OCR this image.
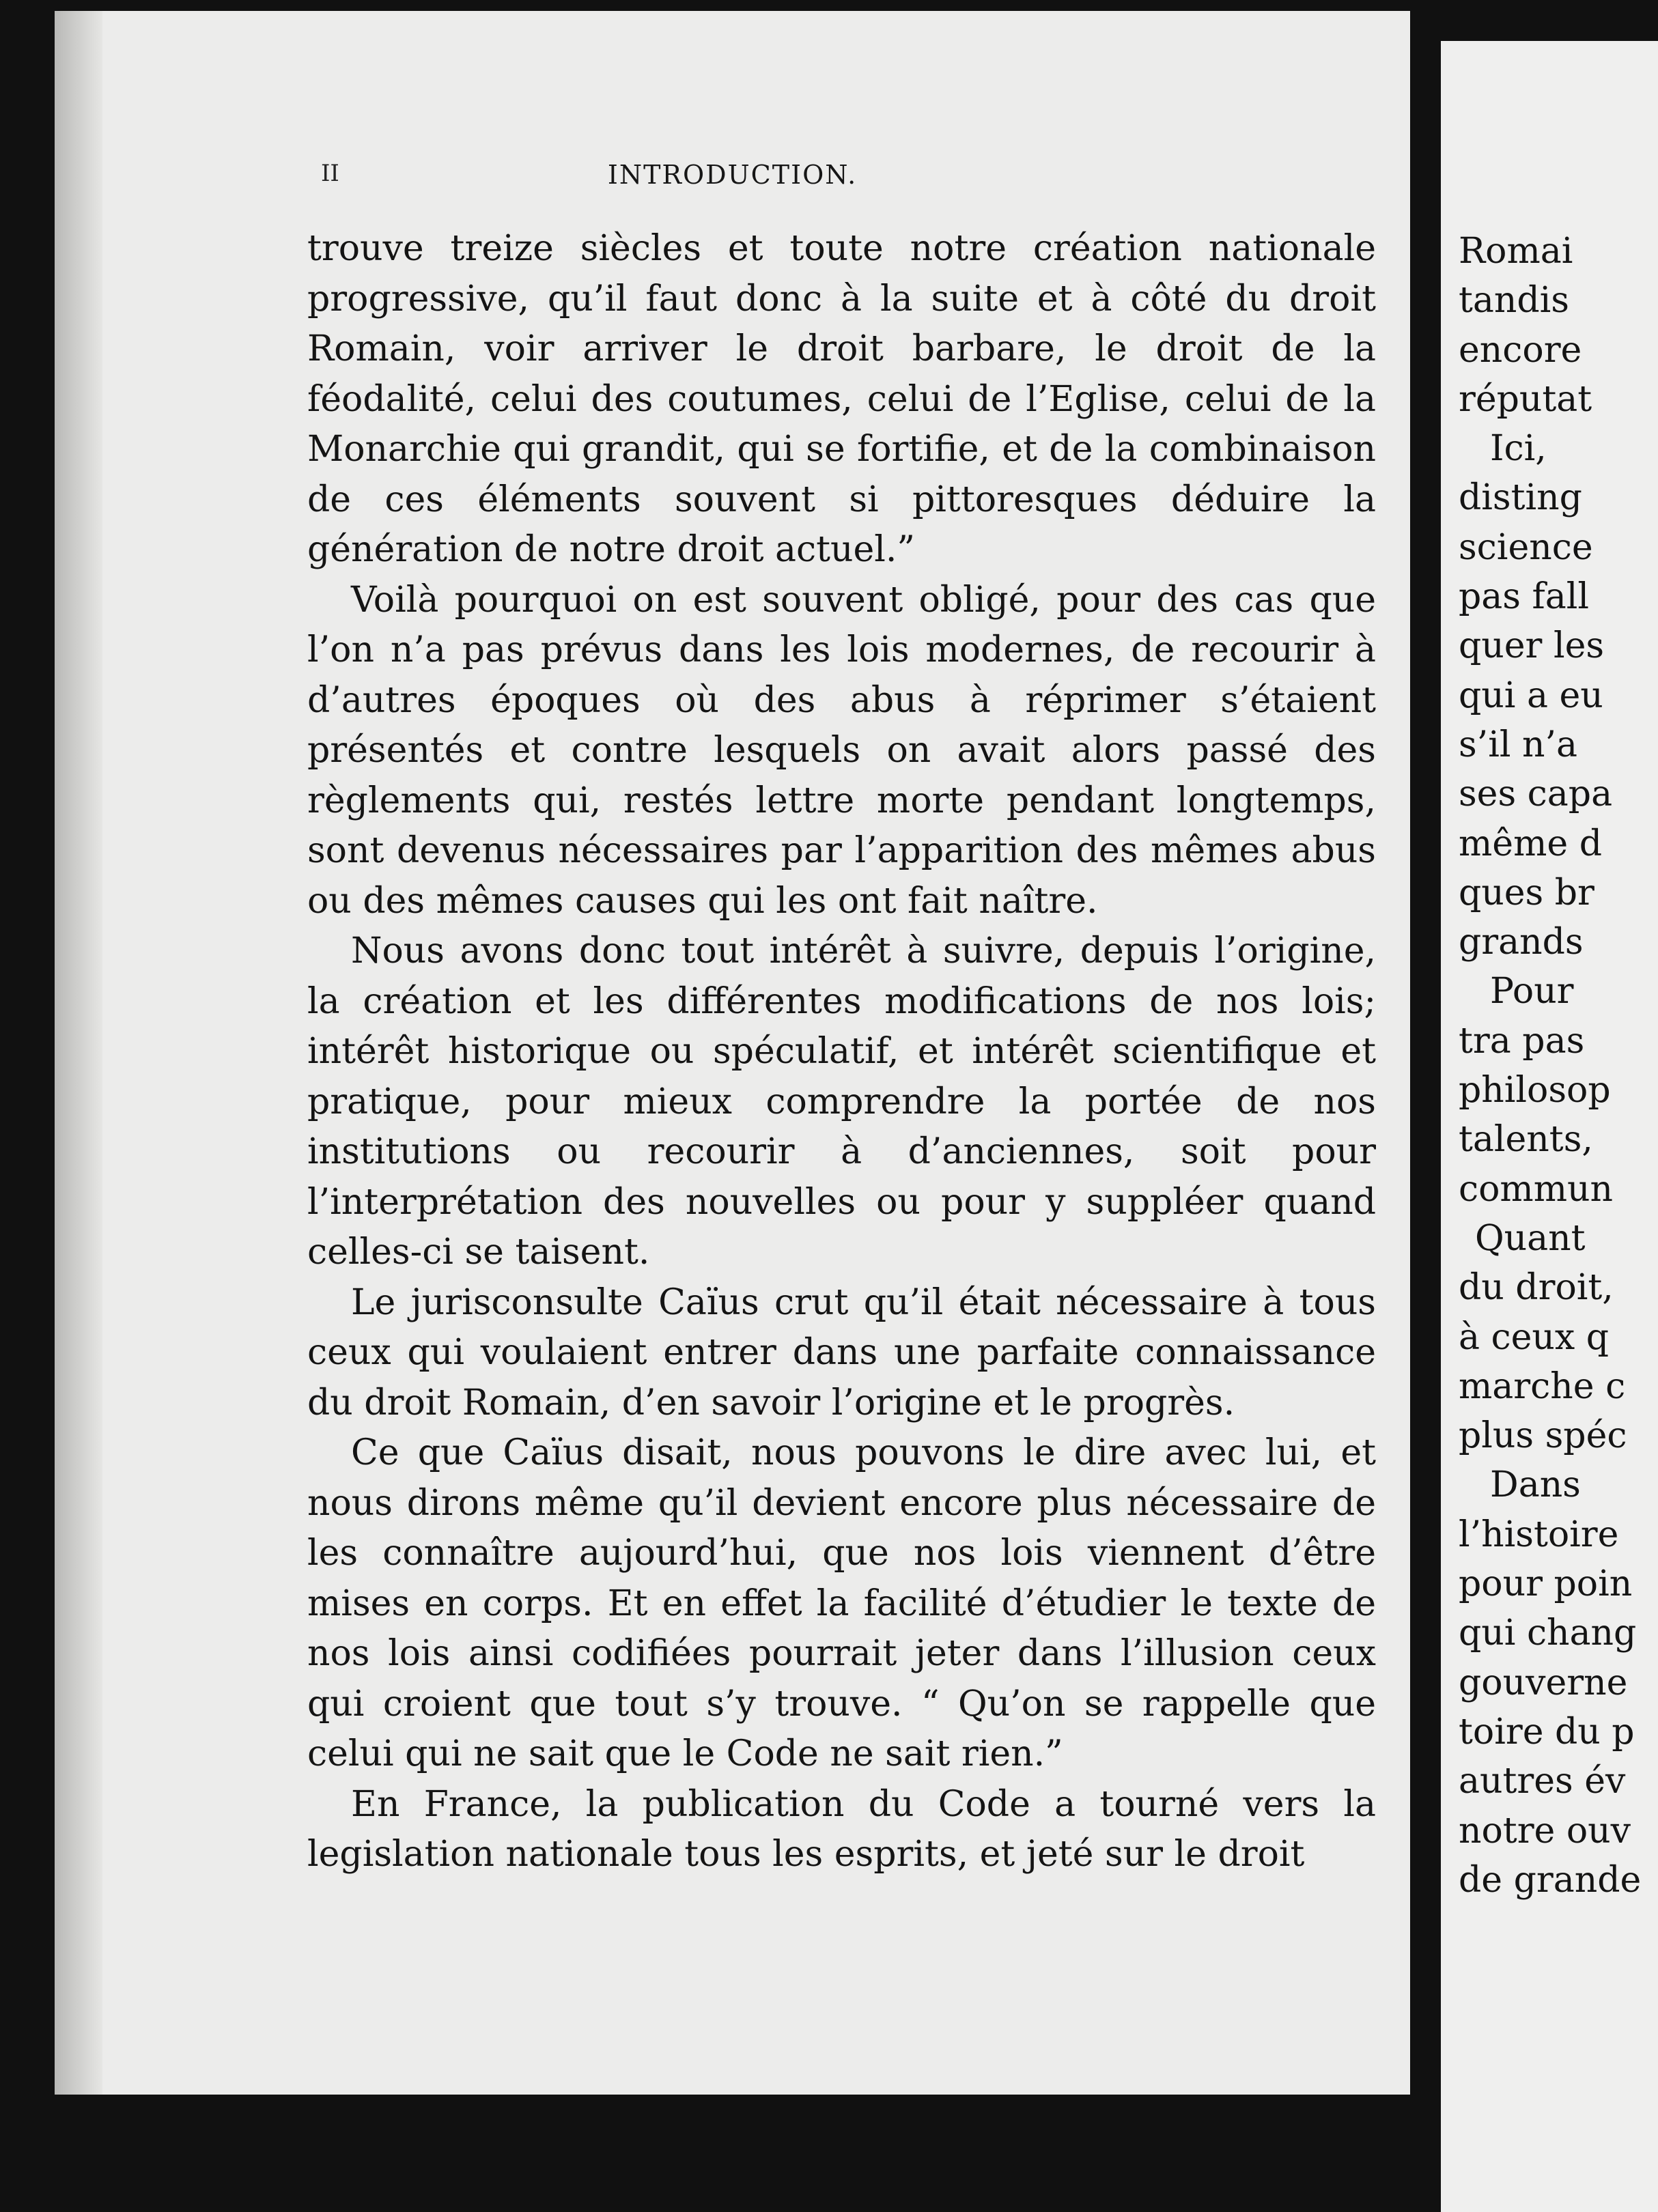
II	INTRODUCTION.

trouve treize siècles et toute notre création nationale progressive, qu’il faut donc à la suite et à côté du droit Romain, voir arriver le droit barbare, le droit de la féodalité, celui des coutumes, celui de l’Eglise, celui de la Monarchie qui grandit, qui se fortifie, et de la combinaison de ces éléments souvent si pittoresques déduire la génération de notre droit actuel.”

Voilà pourquoi on est souvent obligé, pour des cas que l’on n’a pas prévus dans les lois modernes, de recourir à d’autres époques où des abus à réprimer s’étaient présentés et contre lesquels on avait alors passé des règlements qui, restés lettre morte pendant longtemps, sont devenus nécessaires par l’apparition des mêmes abus ou des mêmes causes qui les ont fait naître.

Nous avons donc tout intérêt à suivre, depuis l’origine, la création et les différentes modifications de nos lois; intérêt historique ou spéculatif, et intérêt scientifique et pratique, pour mieux comprendre la portée de nos institutions ou recourir à d’anciennes, soit pour l’interprétation des nouvelles ou pour y suppléer quand celles-ci se taisent.

Le jurisconsulte Caïus crut qu’il était nécessaire à tous ceux qui voulaient entrer dans une parfaite connaissance du droit Romain, d’en savoir l’origine et le progrès.

Ce que Caïus disait, nous pouvons le dire avec lui, et nous dirons même qu’il devient encore plus nécessaire de les connaître aujourd’hui, que nos lois viennent d’être mises en corps. Et en effet la facilité d’étudier le texte de nos lois ainsi codifiées pourrait jeter dans l’illusion ceux qui croient que tout s’y trouve. “ Qu’on se rappelle que celui qui ne sait que le Code ne sait rien.”

En France, la publication du Code a tourné vers la legislation nationale tous les esprits, et jeté sur le droit

Romai
tandis
encore
réputat
Ici,
disting
science
pas fall
quer les
qui a eu
s’il n’a
ses capa
même d
ques br
grands
Pour
tra pas
philosop
talents,
commun
Quant
du droit,
à ceux q
marche c
plus spéc
Dans
l’histoire
pour poin
qui chang
gouverne
toire du p
autres év
notre ouv
de grande
